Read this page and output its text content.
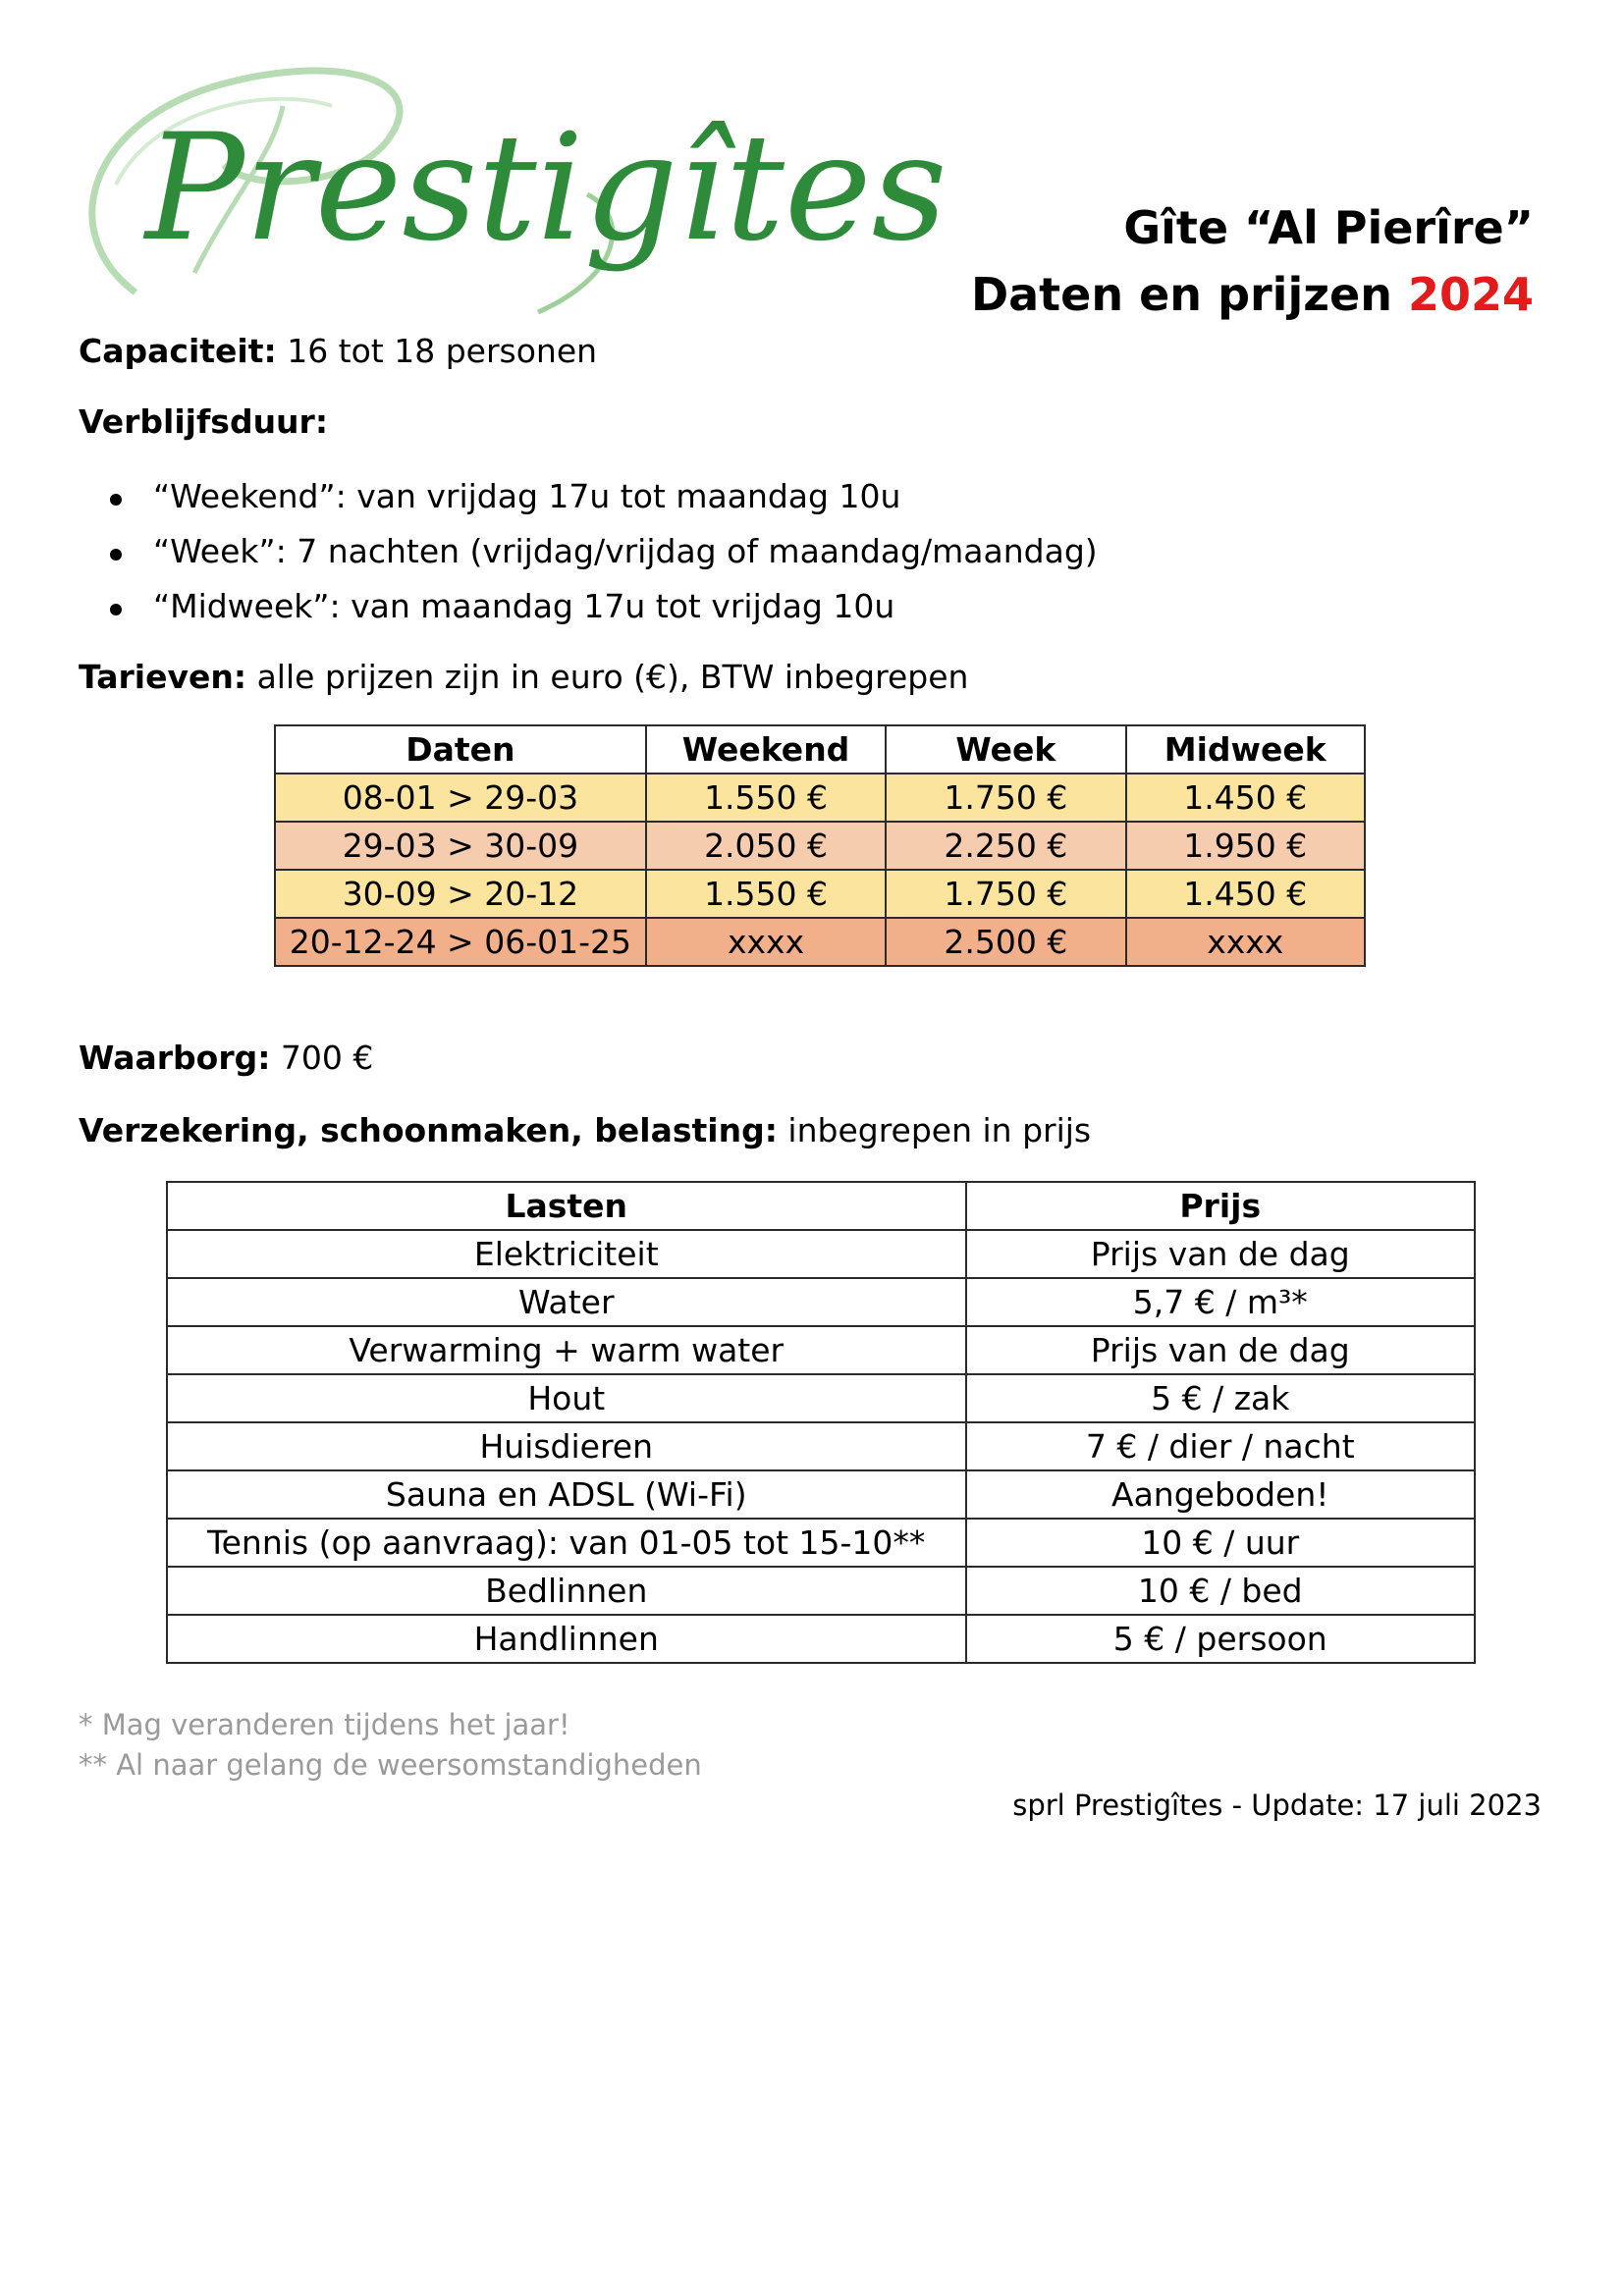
Prestigîtes	Gîte “Al Pierîre”
Daten en prijzen 2024
Capaciteit: 16 tot 18 personen
Verblijfsduur:
“Weekend”: van vrijdag 17u tot maandag 10u
“Week”: 7 nachten (vrijdag/vrijdag of maandag/maandag)
“Midweek”: van maandag 17u tot vrijdag 10u
Tarieven: alle prijzen zijn in euro (€), BTW inbegrepen
Daten	Weekend	Week	Midweek
08-01 > 29-03	1.550 €	1.750 €	1.450 €
29-03 > 30-09	2.050 €	2.250 €	1.950 €
30-09 > 20-12	1.550 €	1.750 €	1.450 €
20-12-24 > 06-01-25	xxxx	2.500 €	xxxx
Waarborg: 700 €
Verzekering, schoonmaken, belasting: inbegrepen in prijs
Lasten	Prijs
Elektriciteit	Prijs van de dag
Water	5,7 € / m³*
Verwarming + warm water	Prijs van de dag
Hout	5 € / zak
Huisdieren	7 € / dier / nacht
Sauna en ADSL (Wi-Fi)	Aangeboden!
Tennis (op aanvraag): van 01-05 tot 15-10**	10 € / uur
Bedlinnen	10 € / bed
Handlinnen	5 € / persoon
* Mag veranderen tijdens het jaar!
** Al naar gelang de weersomstandigheden
sprl Prestigîtes - Update: 17 juli 2023
